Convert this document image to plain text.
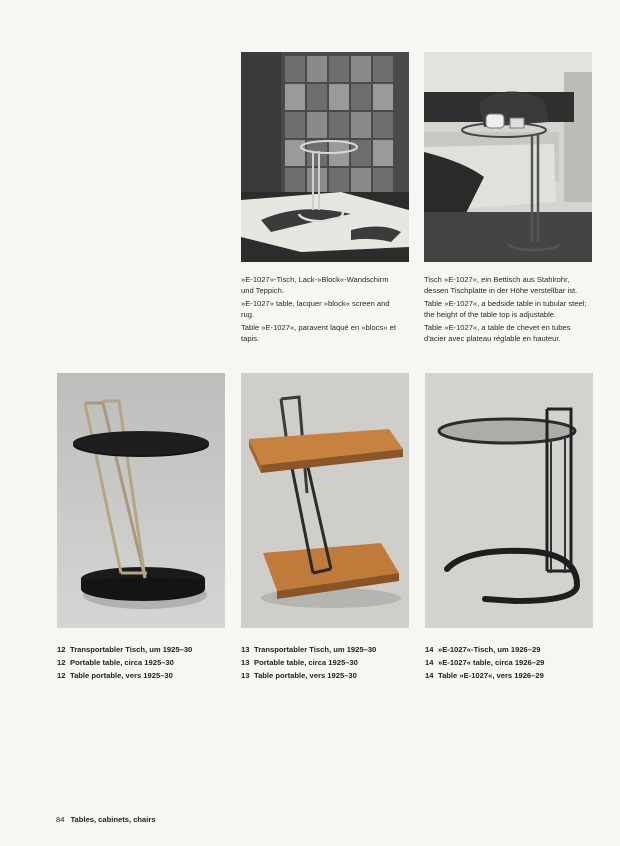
»E-1027«-Tisch, Lack-»Block«-Wandschirm und Teppich.

»E-1027« table, lacquer »block« screen and rug.

Table »E-1027«, paravent laqué en »blocs« et tapis.

Tisch »E-1027«, ein Bettisch aus Stahlrohr, dessen Tischplatte in der Höhe verstellbar ist.

Table »E-1027«, a bedside table in tubular steel; the height of the table top is adjustable.

Table »E-1027«, a table de chevet en tubes d'acier avec plateau réglable en hauteur.

12 Transportabler Tisch, um 1925–30
12 Portable table, circa 1925–30
12 Table portable, vers 1925–30
13 Transportabler Tisch, um 1925–30
13 Portable table, circa 1925–30
13 Table portable, vers 1925–30
14 »E-1027«-Tisch, um 1926–29
14 »E-1027« table, circa 1926–29
14 Table »E-1027«, vers 1926–29
84 Tables, cabinets, chairs
